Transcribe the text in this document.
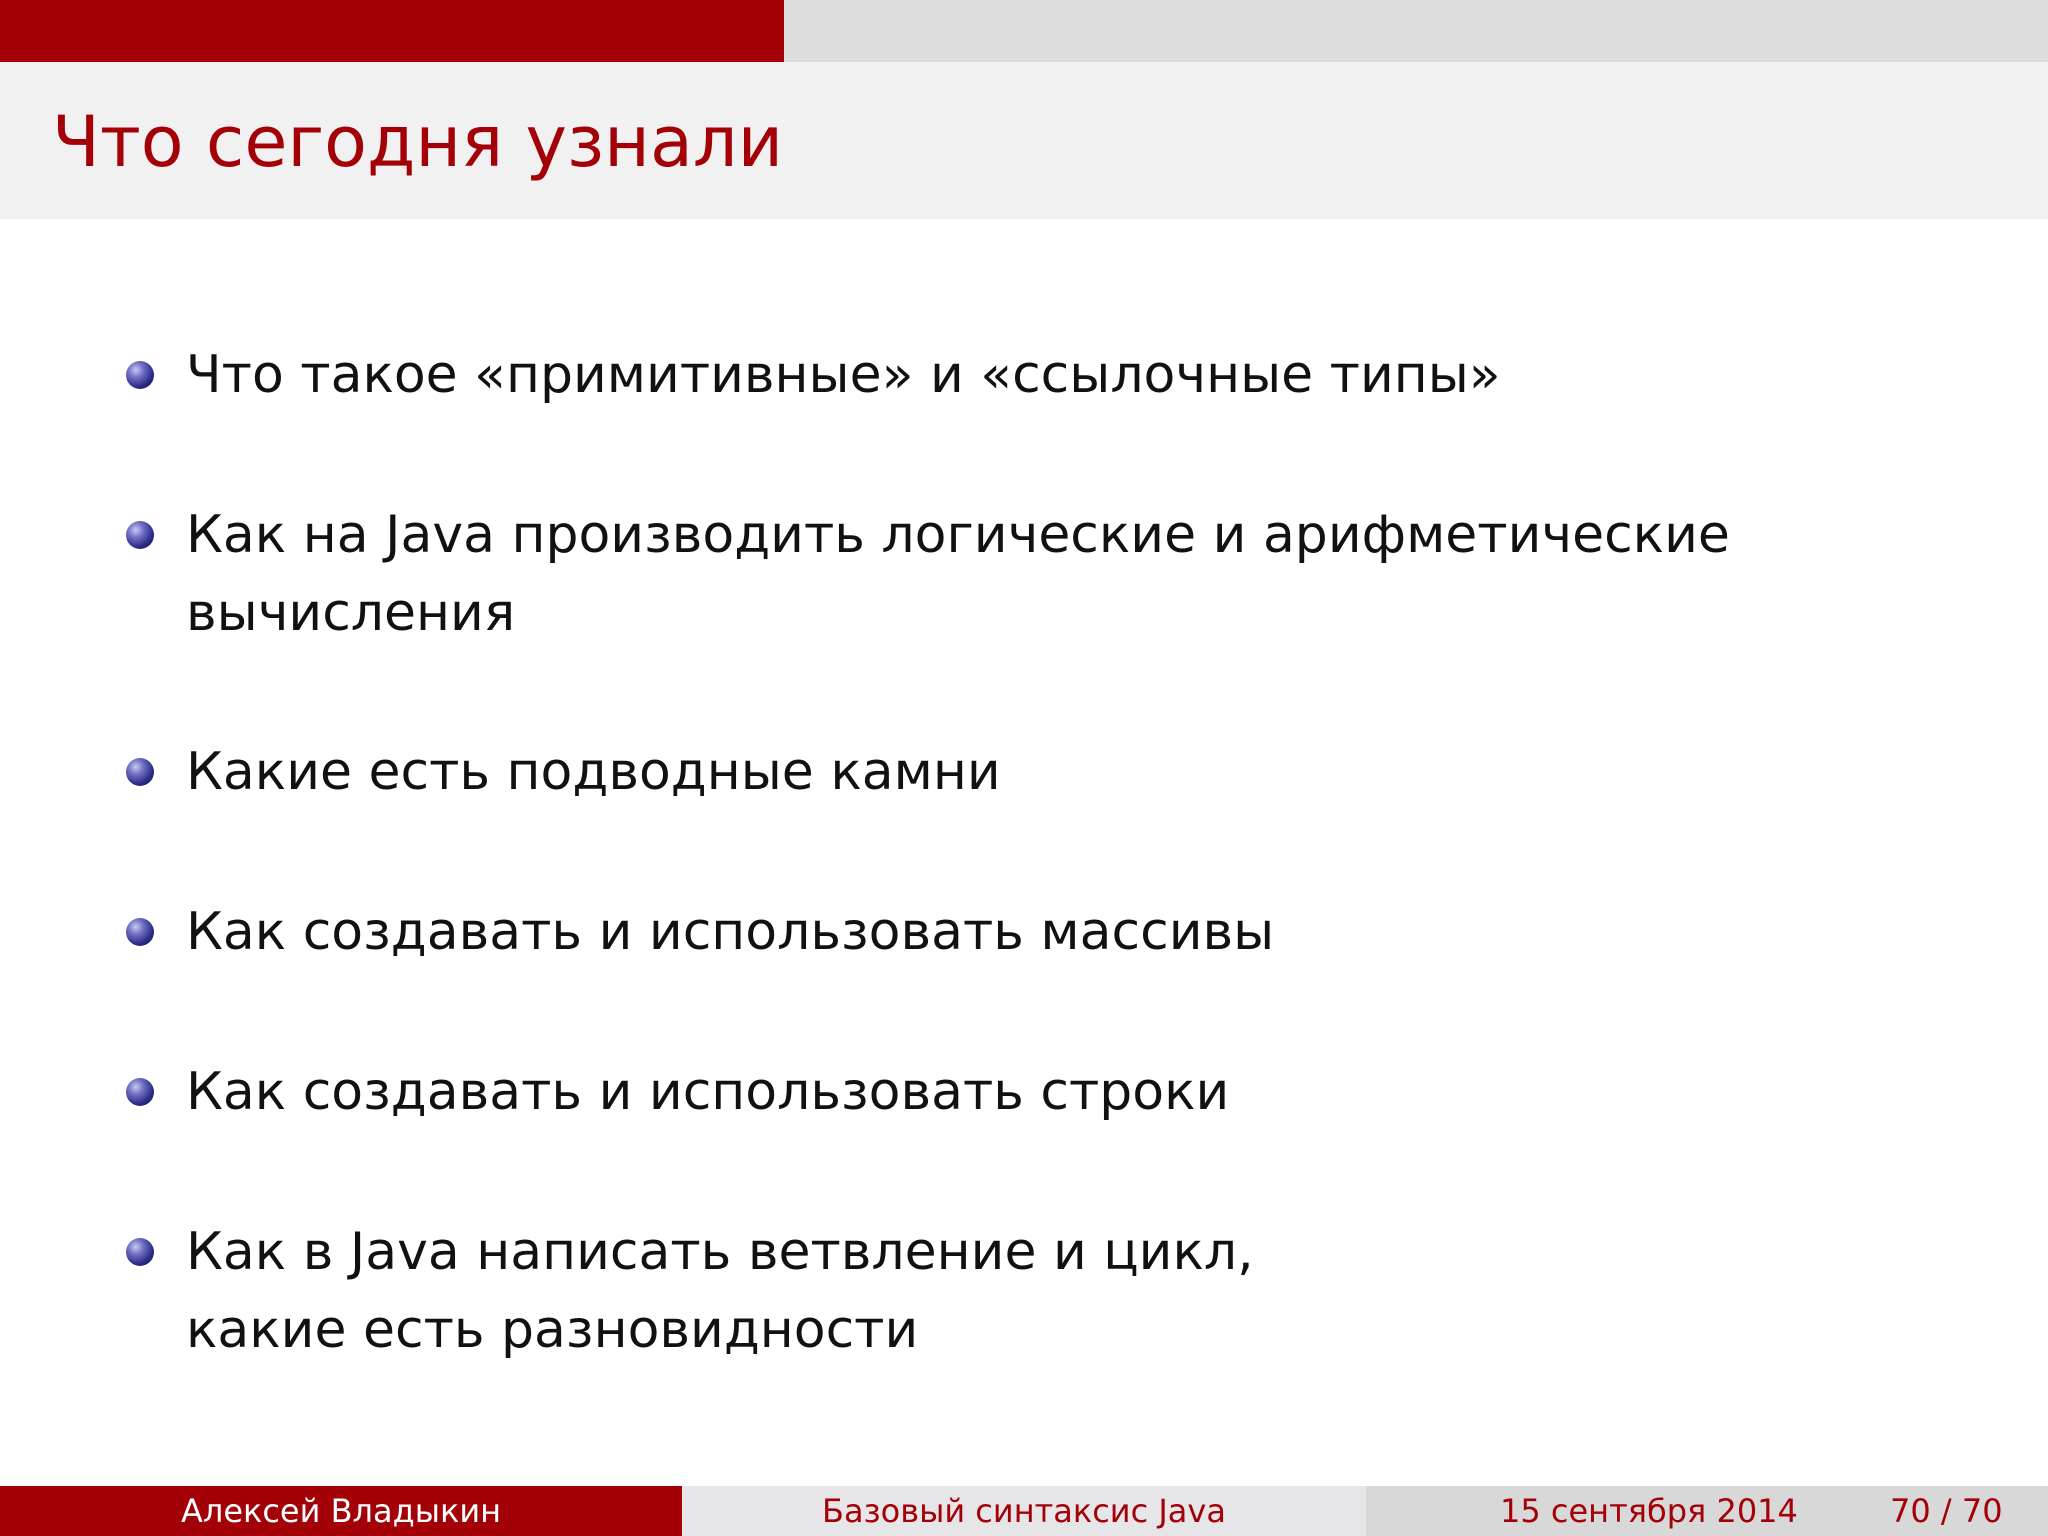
Что сегодня узнали
Что такое «примитивные» и «ссылочные типы»
Как на Java производить логические и арифметические
вычисления
Какие есть подводные камни
Как создавать и использовать массивы
Как создавать и использовать строки
Как в Java написать ветвление и цикл,
какие есть разновидности
Алексей Владыкин	Базовый синтаксис Java	15 сентября 2014	70 / 70
